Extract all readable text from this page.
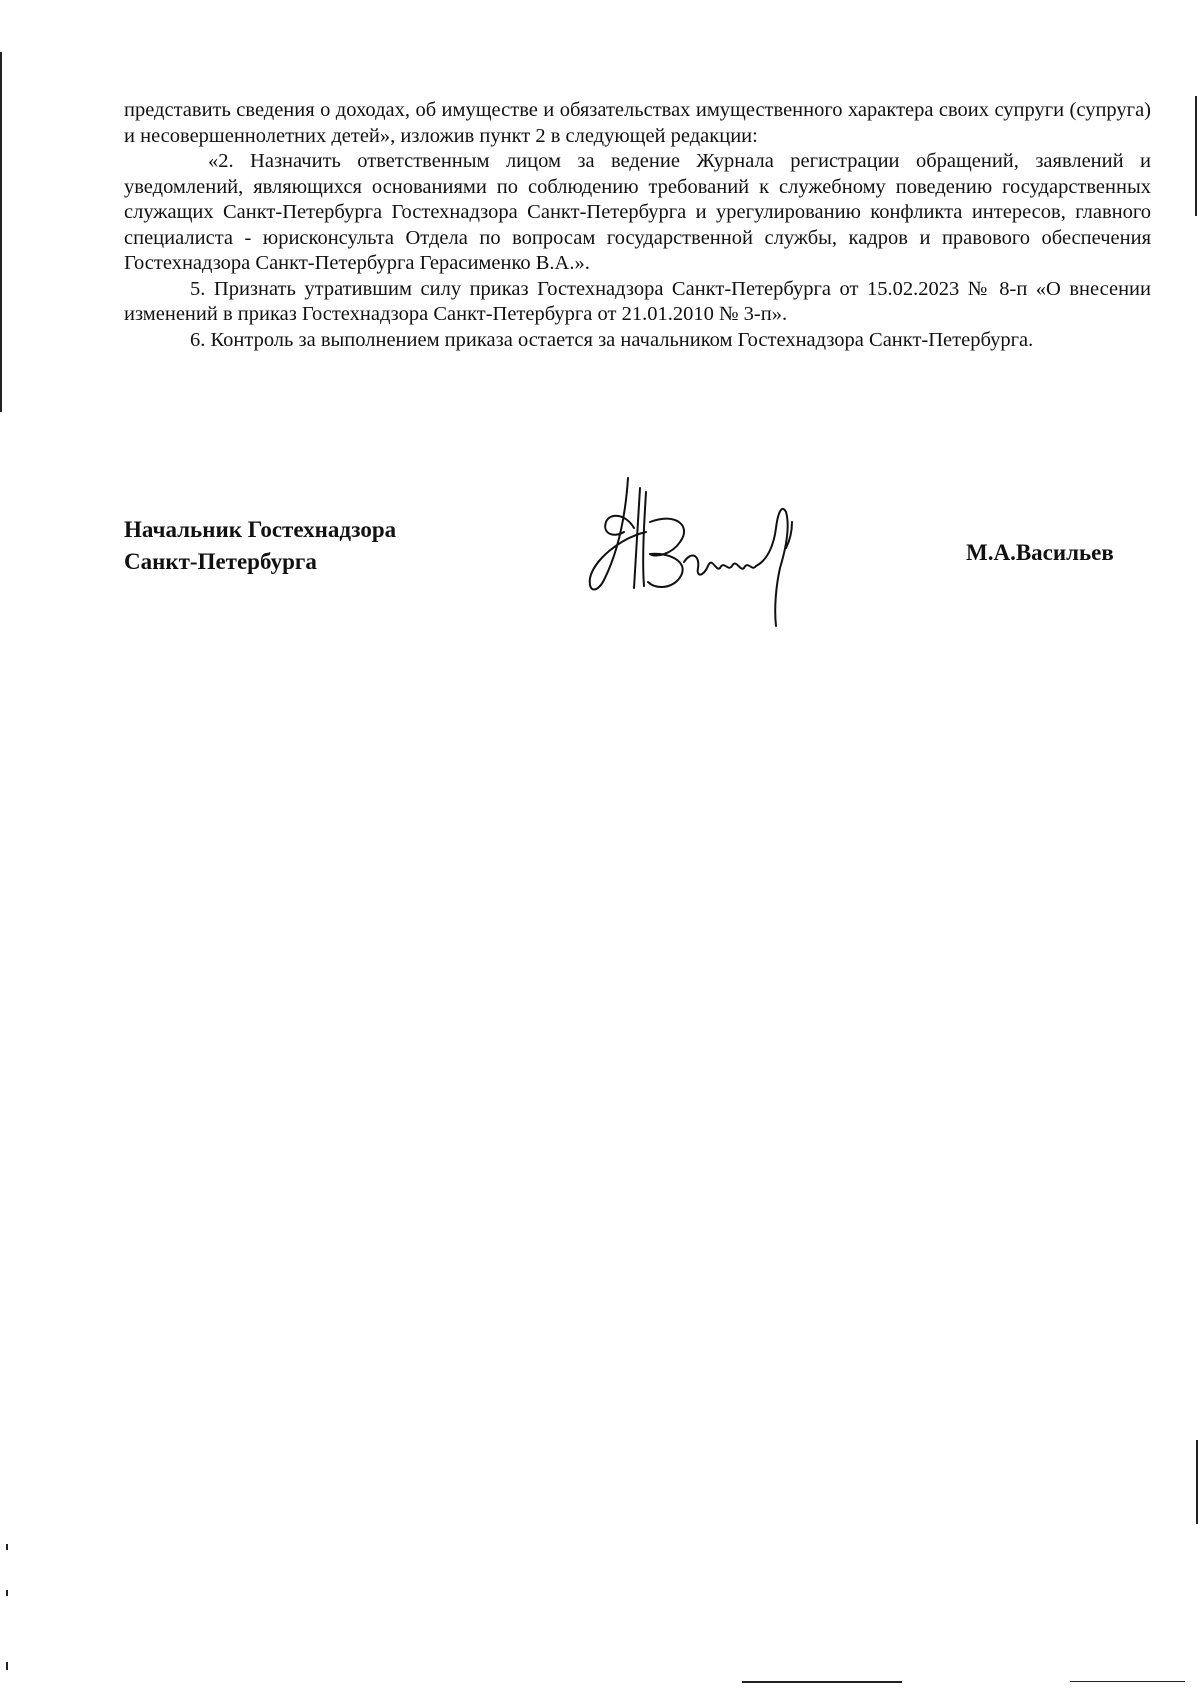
представить сведения о доходах, об имуществе и обязательствах имущественного характера своих супруги (супруга) и несовершеннолетних детей», изложив пункт 2 в следующей редакции:

«2. Назначить ответственным лицом за ведение Журнала регистрации обращений, заявлений и уведомлений, являющихся основаниями по соблюдению требований к служебному поведению государственных служащих Санкт-Петербурга Гостехнадзора Санкт-Петербурга и урегулированию конфликта интересов, главного специалиста - юрисконсульта Отдела по вопросам государственной службы, кадров и правового обеспечения Гостехнадзора Санкт-Петербурга Герасименко В.А.».

5. Признать утратившим силу приказ Гостехнадзора Санкт-Петербурга от 15.02.2023 № 8-п «О внесении изменений в приказ Гостехнадзора Санкт-Петербурга от 21.01.2010 № 3-п».

6. Контроль за выполнением приказа остается за начальником Гостехнадзора Санкт-Петербурга.

Начальник Гостехнадзора
Санкт-Петербурга	М.А.Васильев
